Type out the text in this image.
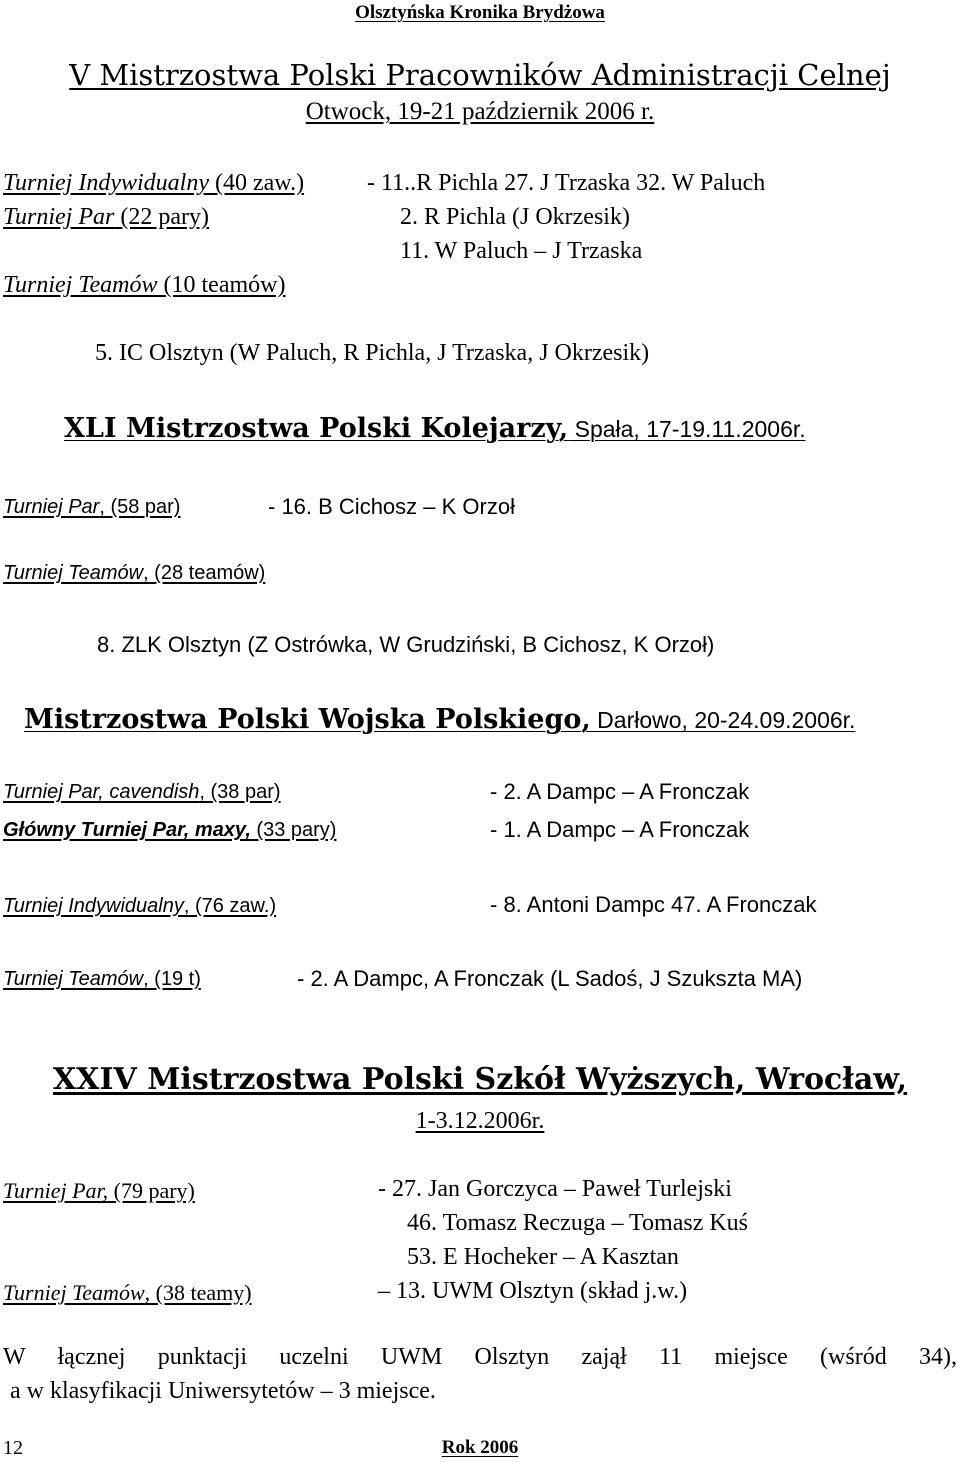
Olsztyńska Kronika Brydżowa
V Mistrzostwa Polski Pracowników Administracji Celnej
Otwock, 19-21 październik 2006 r.
Turniej Indywidualny (40 zaw.)	- 11..R Pichla 27. J Trzaska 32. W Paluch
Turniej Par (22 pary)	2. R Pichla (J Okrzesik)
11. W Paluch – J Trzaska
Turniej Teamów (10 teamów)
5. IC Olsztyn (W Paluch, R Pichla, J Trzaska, J Okrzesik)
XLI Mistrzostwa Polski Kolejarzy, Spała, 17-19.11.2006r.
Turniej Par, (58 par)	- 16. B Cichosz – K Orzoł
Turniej Teamów, (28 teamów)
8. ZLK Olsztyn (Z Ostrówka, W Grudziński, B Cichosz, K Orzoł)
Mistrzostwa Polski Wojska Polskiego, Darłowo, 20-24.09.2006r.
Turniej Par, cavendish, (38 par)	- 2. A Dampc – A Fronczak
Główny Turniej Par, maxy, (33 pary)	- 1. A Dampc – A Fronczak
Turniej Indywidualny, (76 zaw.)	- 8. Antoni Dampc 47. A Fronczak
Turniej Teamów, (19 t)	- 2. A Dampc, A Fronczak (L Sadoś, J Szukszta MA)
XXIV Mistrzostwa Polski Szkół Wyższych, Wrocław,
1-3.12.2006r.
Turniej Par, (79 pary)	- 27. Jan Gorczyca – Paweł Turlejski
46. Tomasz Reczuga – Tomasz Kuś
53. E Hocheker – A Kasztan
Turniej Teamów, (38 teamy)	– 13. UWM Olsztyn (skład j.w.)
W łącznej punktacji uczelni UWM Olsztyn zajął 11 miejsce (wśród 34),
a w klasyfikacji Uniwersytetów – 3 miejsce.
12	Rok 2006
